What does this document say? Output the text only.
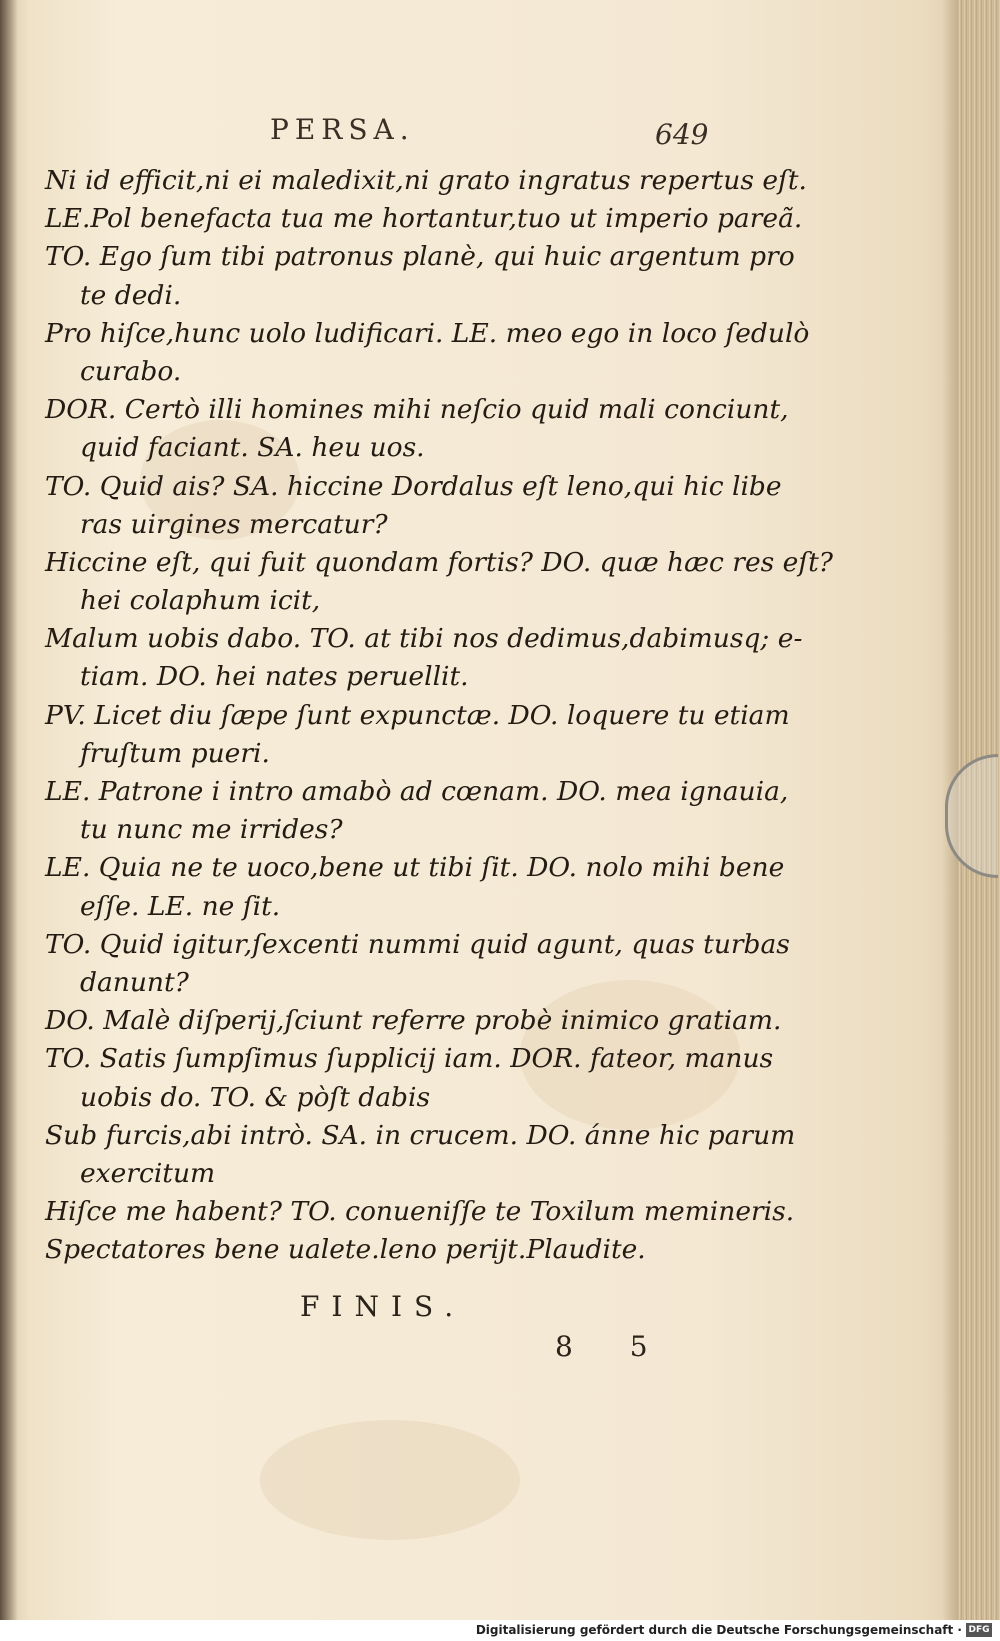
PERSA.	649
Ni id efficit,ni ei maledixit,ni grato ingratus repertus eſt.
LE.Pol benefacta tua me hortantur,tuo ut imperio pareã.
TO. Ego ſum tibi patronus planè, qui huic argentum pro
te dedi.
Pro hiſce,hunc uolo ludificari. LE. meo ego in loco ſedulò
curabo.
DOR. Certò illi homines mihi neſcio quid mali conciunt,
quid faciant. SA. heu uos.
TO. Quid ais? SA. hiccine Dordalus eſt leno,qui hic libe
ras uirgines mercatur?
Hiccine eſt, qui fuit quondam fortis? DO. quæ hæc res eſt?
hei colaphum icit,
Malum uobis dabo. TO. at tibi nos dedimus,dabimusq; e-
tiam. DO. hei nates peruellit.
PV. Licet diu ſæpe ſunt expunctæ. DO. loquere tu etiam
fruſtum pueri.
LE. Patrone i intro amabò ad cœnam. DO. mea ignauia,
tu nunc me irrides?
LE. Quia ne te uoco,bene ut tibi ſit. DO. nolo mihi bene
eſſe. LE. ne ſit.
TO. Quid igitur,ſexcenti nummi quid agunt, quas turbas
danunt?
DO. Malè diſperij,ſciunt referre probè inimico gratiam.
TO. Satis ſumpſimus ſupplicij iam. DOR. fateor, manus
uobis do. TO. & pòſt dabis
Sub furcis,abi intrò. SA. in crucem. DO. ánne hic parum
exercitum
Hiſce me habent? TO. conueniſſe te Toxilum memineris.
Spectatores bene ualete.leno perijt.Plaudite.
FINIS.
8 5
Digitalisierung gefördert durch die Deutsche Forschungsgemeinschaft · DFG
